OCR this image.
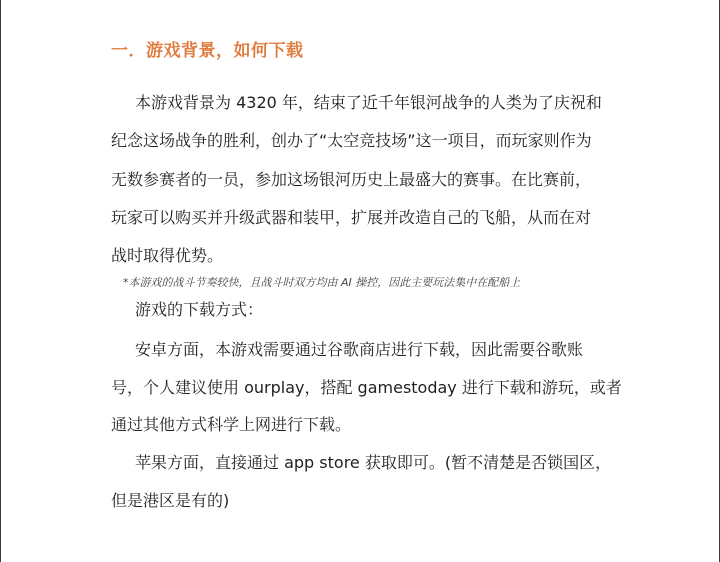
一．游戏背景，如何下载
本游戏背景为 4320 年，结束了近千年银河战争的人类为了庆祝和
纪念这场战争的胜利，创办了“太空竞技场”这一项目，而玩家则作为
无数参赛者的一员，参加这场银河历史上最盛大的赛事。在比赛前，
玩家可以购买并升级武器和装甲，扩展并改造自己的飞船，从而在对
战时取得优势。
*本游戏的战斗节奏较快，且战斗时双方均由 AI 操控，因此主要玩法集中在配船上
游戏的下载方式：
安卓方面，本游戏需要通过谷歌商店进行下载，因此需要谷歌账
号，个人建议使用 ourplay，搭配 gamestoday 进行下载和游玩，或者
通过其他方式科学上网进行下载。
苹果方面，直接通过 app store 获取即可。(暂不清楚是否锁国区，
但是港区是有的)
